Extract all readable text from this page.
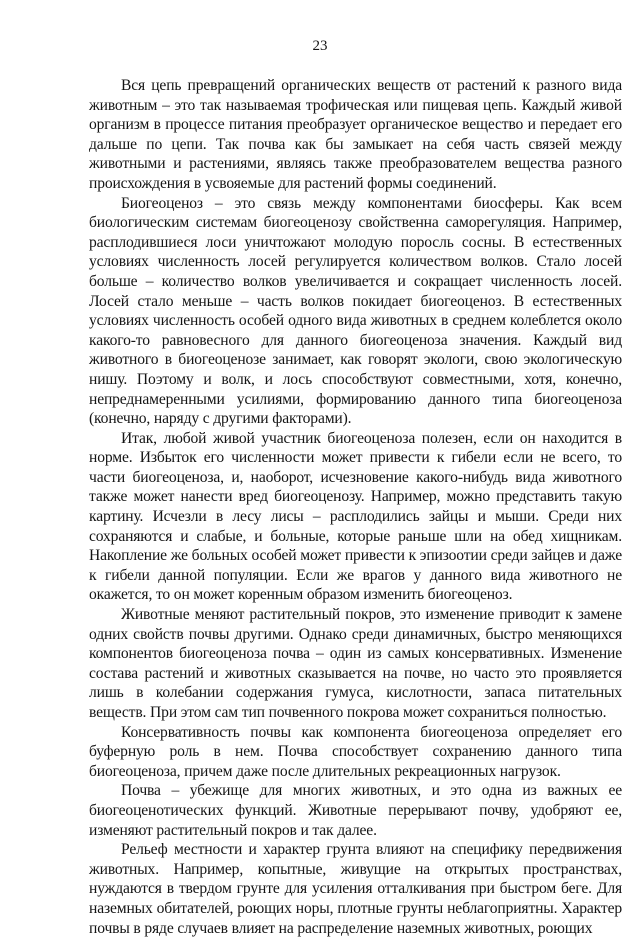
23

Вся цепь превращений органических веществ от растений к разного вида животным – это так называемая трофическая или пищевая цепь. Каждый живой организм в процессе питания преобразует органическое вещество и передает его дальше по цепи. Так почва как бы замыкает на себя часть связей между животными и растениями, являясь также преобразователем вещества разного происхождения в усвояемые для растений формы соединений.

Биогеоценоз – это связь между компонентами биосферы. Как всем биологическим системам биогеоценозу свойственна саморегуляция. Например, расплодившиеся лоси уничтожают молодую поросль сосны. В естественных условиях численность лосей регулируется количеством волков. Стало лосей больше – количество волков увеличивается и сокращает численность лосей. Лосей стало меньше – часть волков покидает биогеоценоз. В естественных условиях численность особей одного вида животных в среднем колеблется около какого-то равновесного для данного биогеоценоза значения. Каждый вид животного в биогеоценозе занимает, как говорят экологи, свою экологическую нишу. Поэтому и волк, и лось способствуют совместными, хотя, конечно, непреднамеренными усилиями, формированию данного типа биогеоценоза (конечно, наряду с другими факторами).

Итак, любой живой участник биогеоценоза полезен, если он находится в норме. Избыток его численности может привести к гибели если не всего, то части биогеоценоза, и, наоборот, исчезновение какого-нибудь вида животного также может нанести вред биогеоценозу. Например, можно представить такую картину. Исчезли в лесу лисы – расплодились зайцы и мыши. Среди них сохраняются и слабые, и больные, которые раньше шли на обед хищникам. Накопление же больных особей может привести к эпизоотии среди зайцев и даже к гибели данной популяции. Если же врагов у данного вида животного не окажется, то он может коренным образом изменить биогеоценоз.

Животные меняют растительный покров, это изменение приводит к замене одних свойств почвы другими. Однако среди динамичных, быстро меняющихся компонентов биогеоценоза почва – один из самых консервативных. Изменение состава растений и животных сказывается на почве, но часто это проявляется лишь в колебании содержания гумуса, кислотности, запаса питательных веществ. При этом сам тип почвенного покрова может сохраниться полностью.

Консервативность почвы как компонента биогеоценоза определяет его буферную роль в нем. Почва способствует сохранению данного типа биогеоценоза, причем даже после длительных рекреационных нагрузок.

Почва – убежище для многих животных, и это одна из важных ее биогеоценотических функций. Животные перерывают почву, удобряют ее, изменяют растительный покров и так далее.

Рельеф местности и характер грунта влияют на специфику передвижения животных. Например, копытные, живущие на открытых пространствах, нуждаются в твердом грунте для усиления отталкивания при быстром беге. Для наземных обитателей, роющих норы, плотные грунты неблагоприятны. Характер почвы в ряде случаев влияет на распределение наземных животных, роющих
